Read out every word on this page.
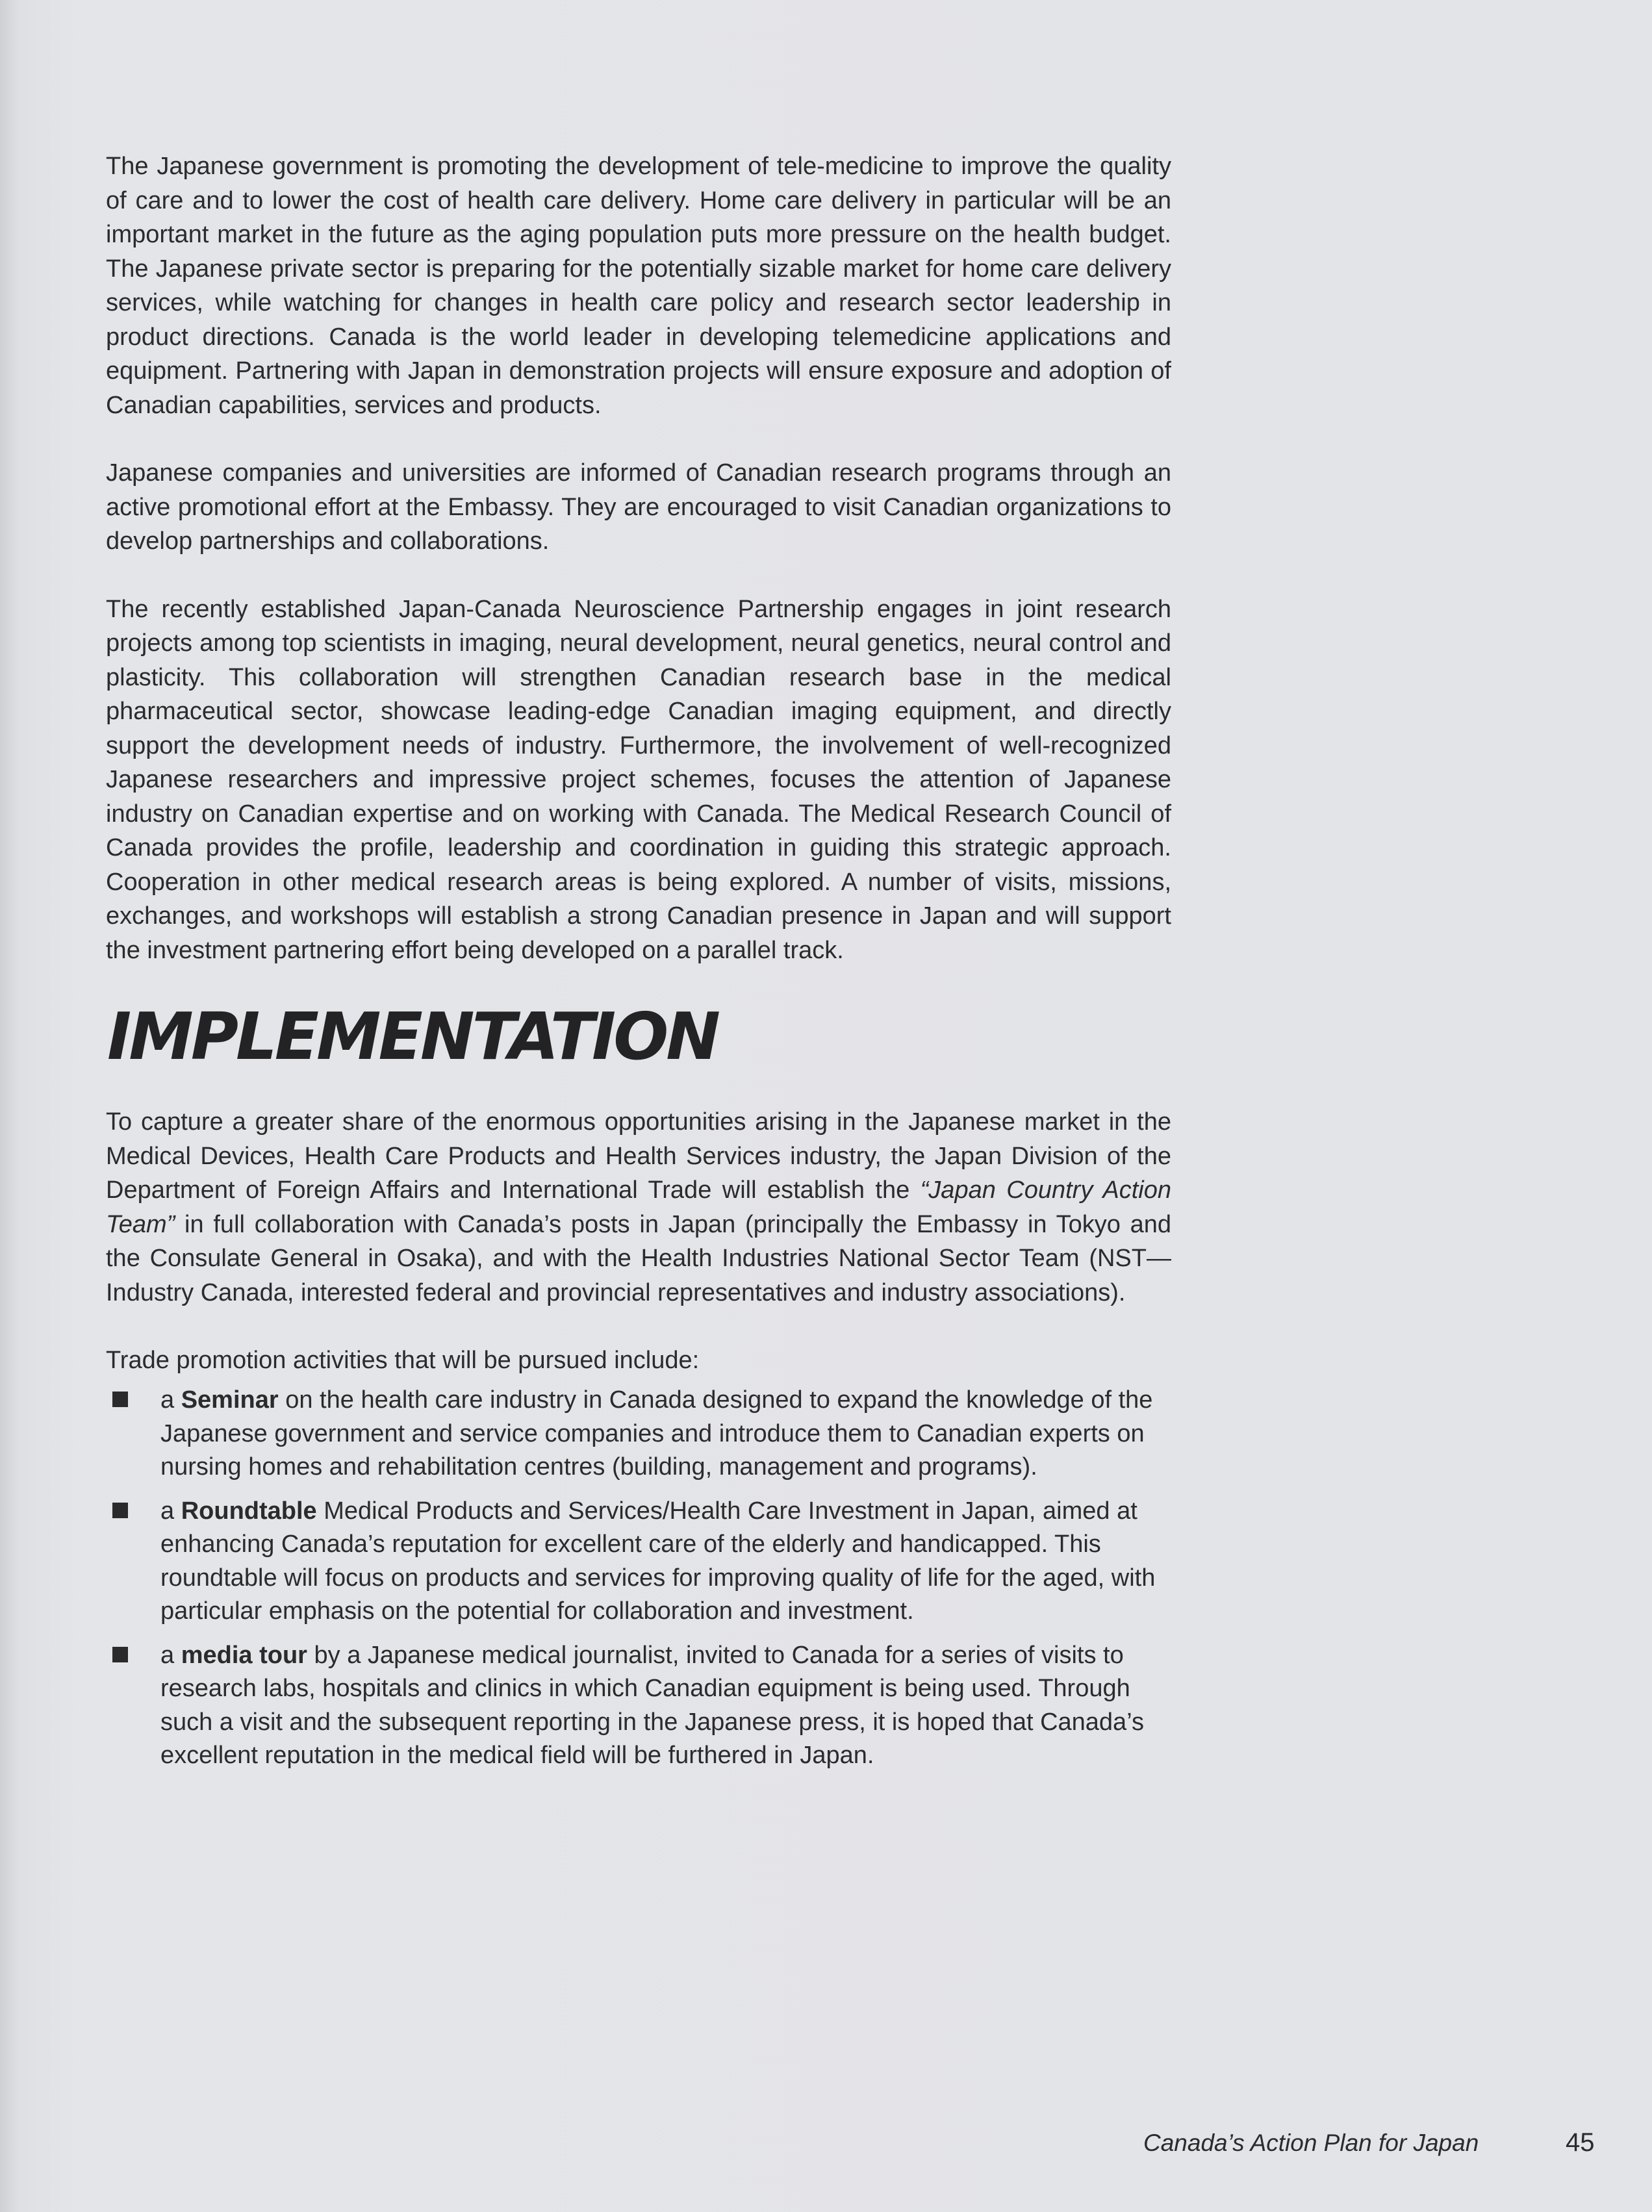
The Japanese government is promoting the development of tele-medicine to improve the quality of care and to lower the cost of health care delivery. Home care delivery in particular will be an important market in the future as the aging population puts more pressure on the health budget. The Japanese private sector is preparing for the potentially sizable market for home care delivery services, while watching for changes in health care policy and research sector leadership in product directions. Canada is the world leader in developing telemedicine applications and equipment. Partnering with Japan in demonstration projects will ensure exposure and adoption of Canadian capabilities, services and products.

Japanese companies and universities are informed of Canadian research programs through an active promotional effort at the Embassy. They are encouraged to visit Canadian organizations to develop partnerships and collaborations.

The recently established Japan-Canada Neuroscience Partnership engages in joint research projects among top scientists in imaging, neural development, neural genetics, neural control and plasticity. This collaboration will strengthen Canadian research base in the medical pharmaceutical sector, showcase leading-edge Canadian imaging equipment, and directly support the development needs of industry. Furthermore, the involvement of well-recognized Japanese researchers and impressive project schemes, focuses the attention of Japanese industry on Canadian expertise and on working with Canada. The Medical Research Council of Canada provides the profile, leadership and coordination in guiding this strategic approach. Cooperation in other medical research areas is being explored. A number of visits, missions, exchanges, and workshops will establish a strong Canadian presence in Japan and will support the investment partnering effort being developed on a parallel track.

IMPLEMENTATION

To capture a greater share of the enormous opportunities arising in the Japanese market in the Medical Devices, Health Care Products and Health Services industry, the Japan Division of the Department of Foreign Affairs and International Trade will establish the “Japan Country Action Team” in full collaboration with Canada’s posts in Japan (principally the Embassy in Tokyo and the Consulate General in Osaka), and with the Health Industries National Sector Team (NST—Industry Canada, interested federal and provincial representatives and industry associations).

Trade promotion activities that will be pursued include:

a Seminar on the health care industry in Canada designed to expand the knowledge of the Japanese government and service companies and introduce them to Canadian experts on nursing homes and rehabilitation centres (building, management and programs).
a Roundtable Medical Products and Services/Health Care Investment in Japan, aimed at enhancing Canada’s reputation for excellent care of the elderly and handicapped. This roundtable will focus on products and services for improving quality of life for the aged, with particular emphasis on the potential for collaboration and investment.
a media tour by a Japanese medical journalist, invited to Canada for a series of visits to research labs, hospitals and clinics in which Canadian equipment is being used. Through such a visit and the subsequent reporting in the Japanese press, it is hoped that Canada’s excellent reputation in the medical field will be furthered in Japan.
Canada’s Action Plan for Japan	45
